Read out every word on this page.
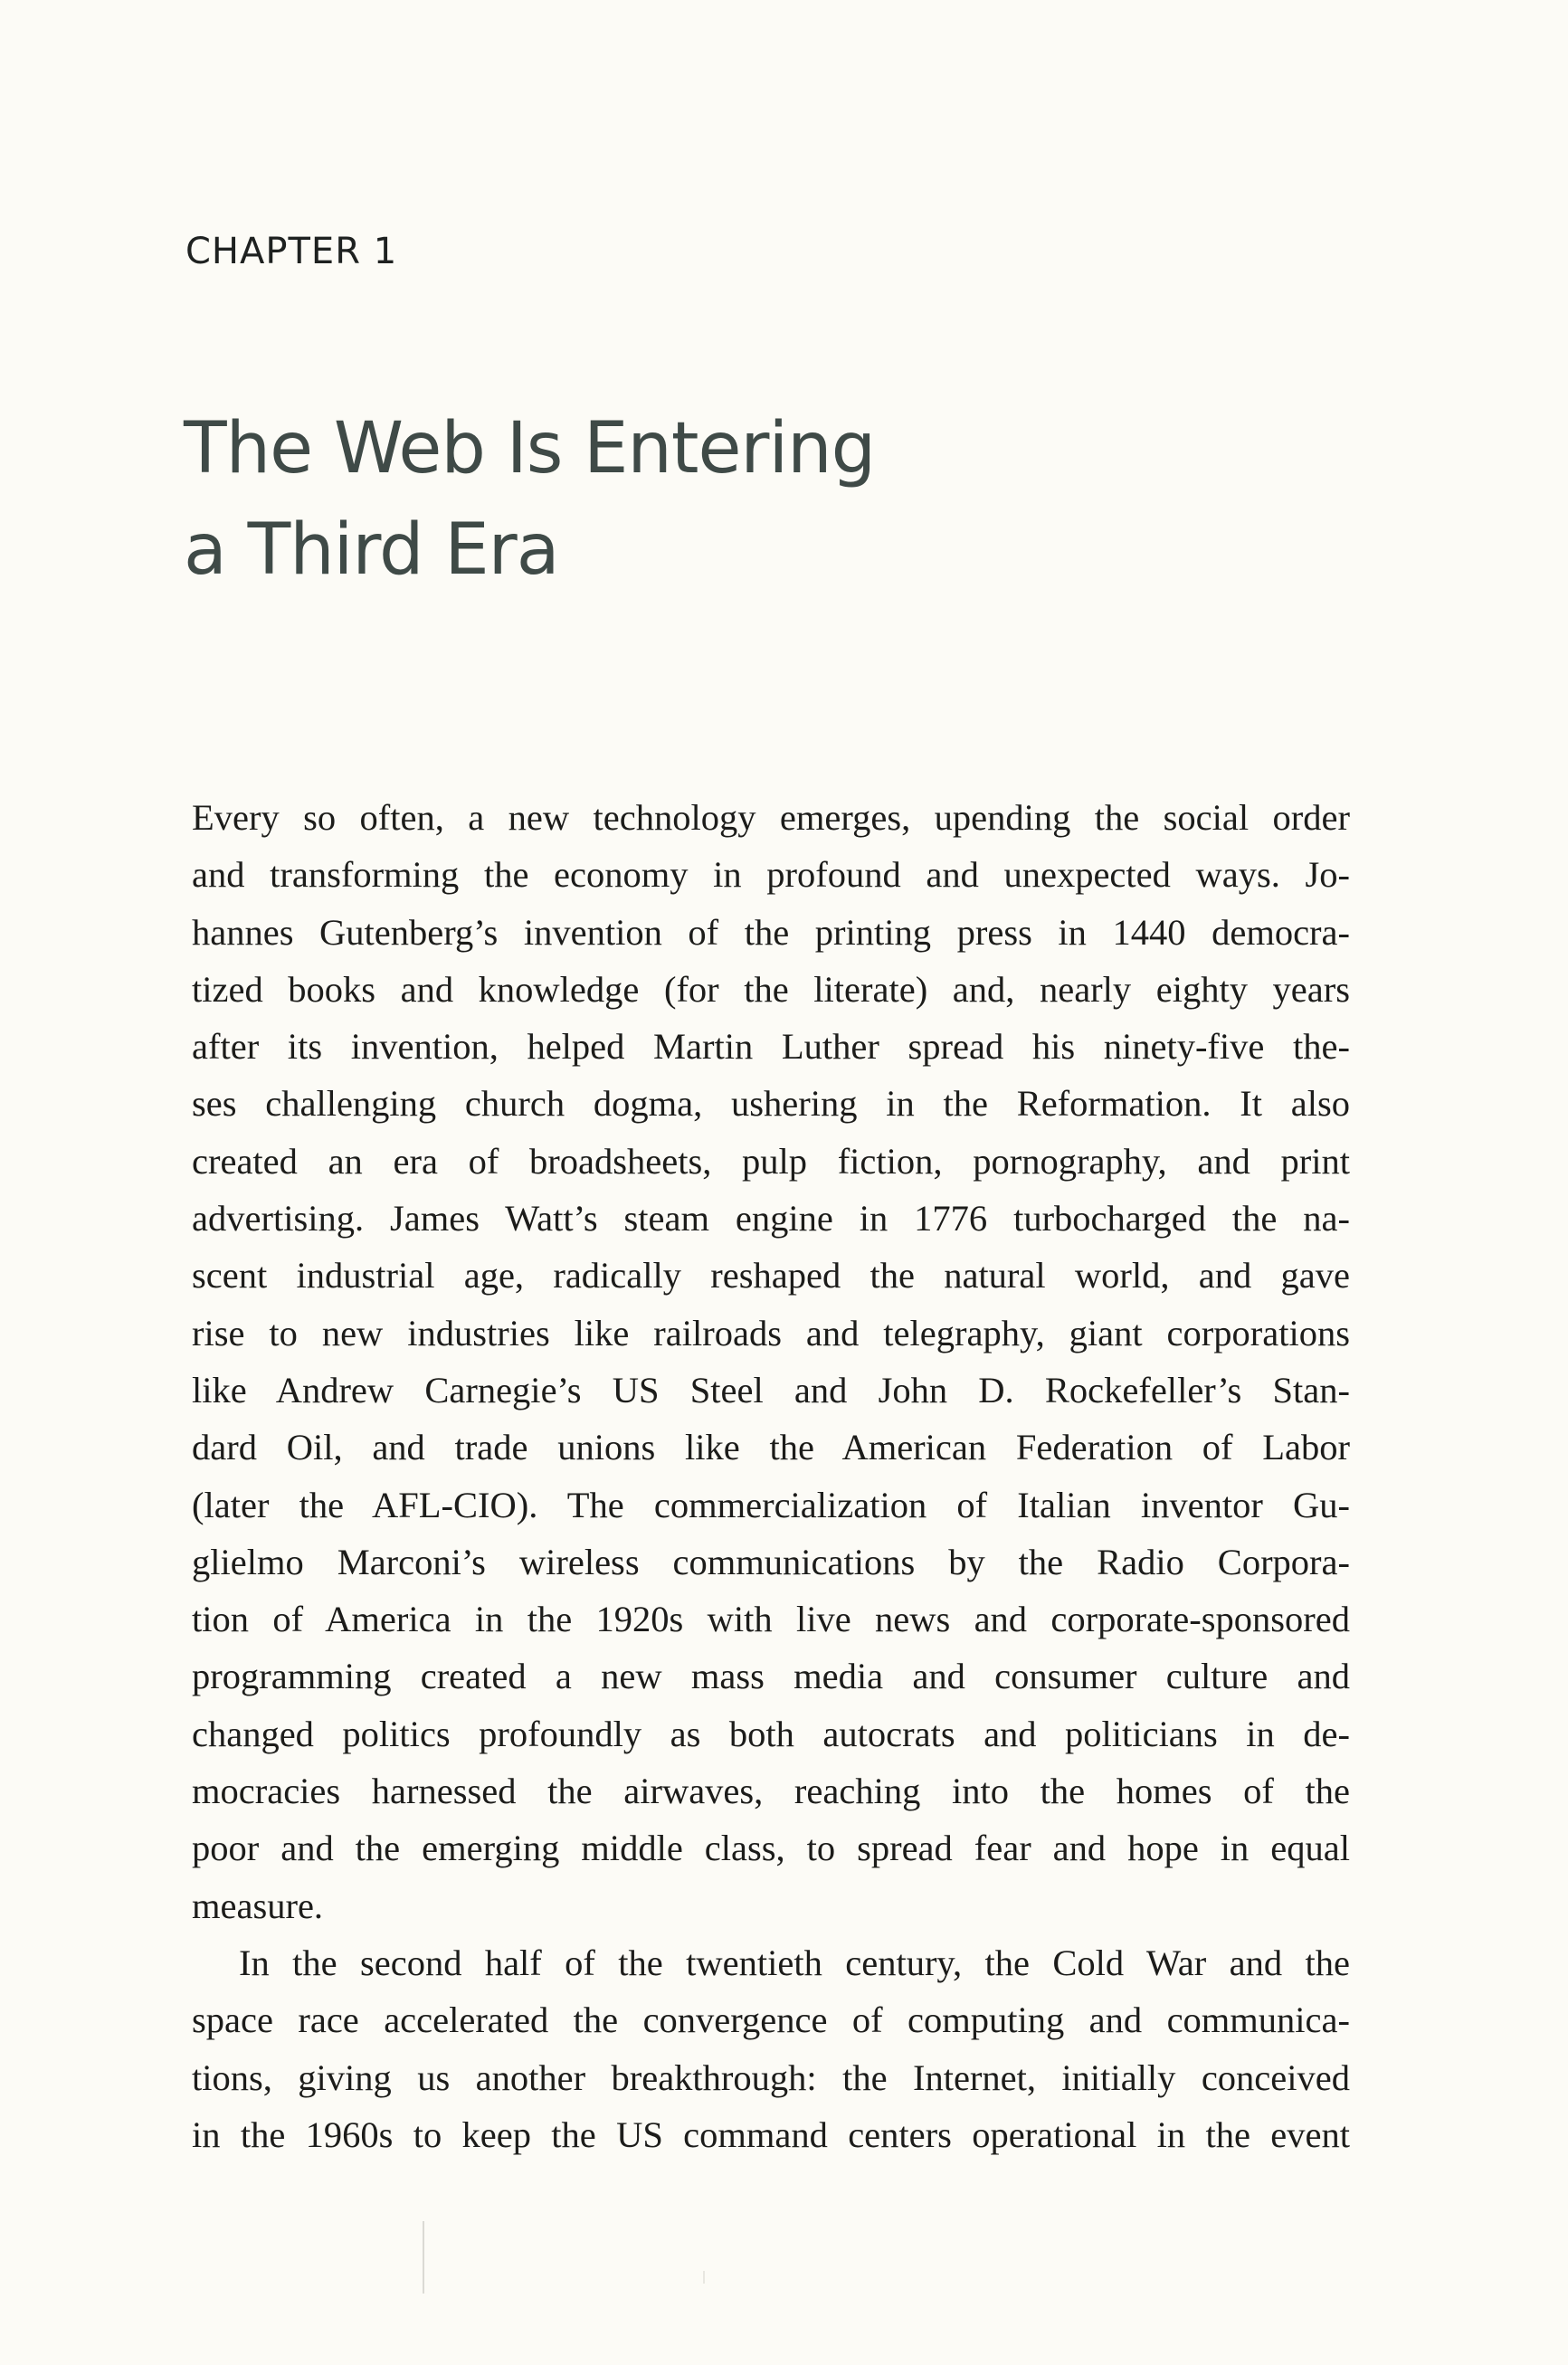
CHAPTER 1
The Web Is Entering
a Third Era
Every so often, a new technology emerges, upending the social order
and transforming the economy in profound and unexpected ways. Jo-
hannes Gutenberg’s invention of the printing press in 1440 democra-
tized books and knowledge (for the literate) and, nearly eighty years
after its invention, helped Martin Luther spread his ninety-five the-
ses challenging church dogma, ushering in the Reformation. It also
created an era of broadsheets, pulp fiction, pornography, and print
advertising. James Watt’s steam engine in 1776 turbocharged the na-
scent industrial age, radically reshaped the natural world, and gave
rise to new industries like railroads and telegraphy, giant corporations
like Andrew Carnegie’s US Steel and John D. Rockefeller’s Stan-
dard Oil, and trade unions like the American Federation of Labor
(later the AFL-CIO). The commercialization of Italian inventor Gu-
glielmo Marconi’s wireless communications by the Radio Corpora-
tion of America in the 1920s with live news and corporate-sponsored
programming created a new mass media and consumer culture and
changed politics profoundly as both autocrats and politicians in de-
mocracies harnessed the airwaves, reaching into the homes of the
poor and the emerging middle class, to spread fear and hope in equal
measure.
In the second half of the twentieth century, the Cold War and the
space race accelerated the convergence of computing and communica-
tions, giving us another breakthrough: the Internet, initially conceived
in the 1960s to keep the US command centers operational in the event
